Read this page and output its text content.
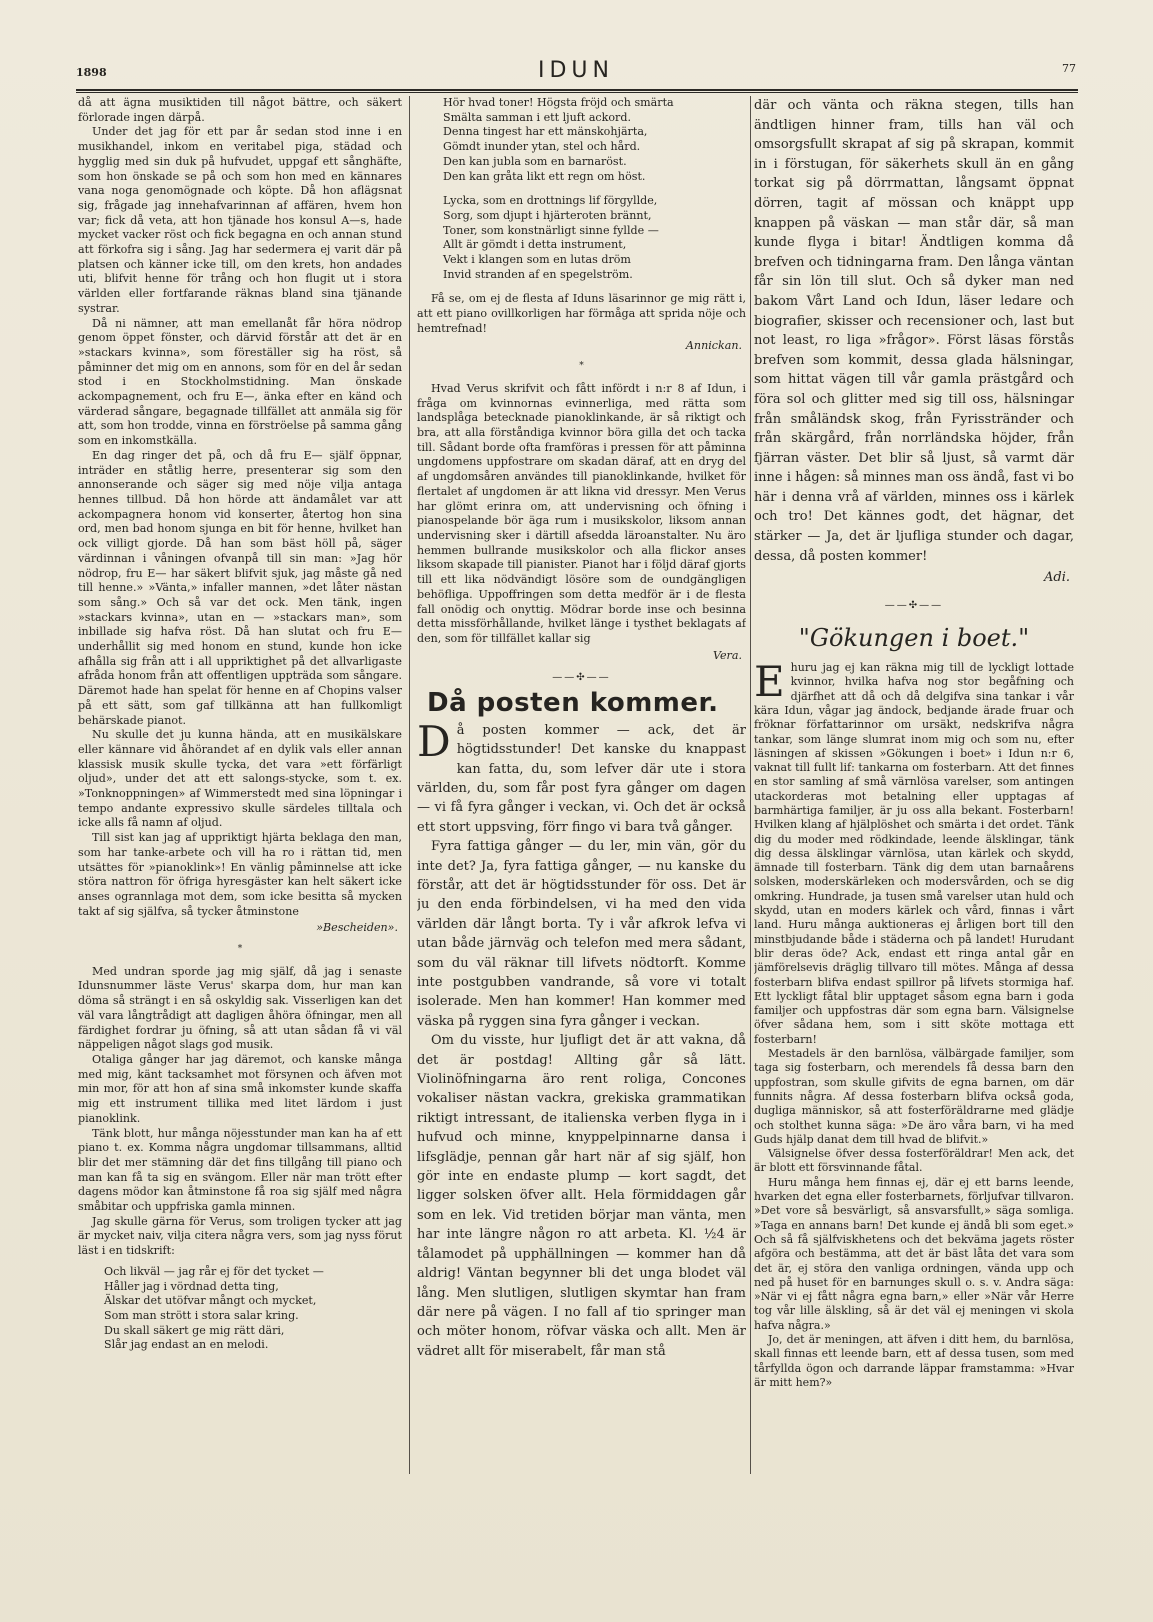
1898	IDUN	77

då att ägna musiktiden till något bättre, och säkert förlorade ingen därpå.

Under det jag för ett par år sedan stod inne i en musikhandel, inkom en veritabel piga, städad och hygglig med sin duk på hufvudet, uppgaf ett sånghäfte, som hon önskade se på och som hon med en kännares vana noga genomögnade och köpte. Då hon aflägsnat sig, frågade jag innehafvarinnan af affären, hvem hon var; fick då veta, att hon tjänade hos konsul A—s, hade mycket vacker röst och fick begagna en och annan stund att förkofra sig i sång. Jag har sedermera ej varit där på platsen och känner icke till, om den krets, hon andades uti, blifvit henne för trång och hon flugit ut i stora världen eller fortfarande räknas bland sina tjänande systrar.

Då ni nämner, att man emellanåt får höra nödrop genom öppet fönster, och därvid förstår att det är en »stackars kvinna», som föreställer sig ha röst, så påminner det mig om en annons, som för en del år sedan stod i en Stockholmstidning. Man önskade ackompagnement, och fru E—, änka efter en känd och värderad sångare, begagnade tillfället att anmäla sig för att, som hon trodde, vinna en förströelse på samma gång som en inkomstkälla.

En dag ringer det på, och då fru E— själf öppnar, inträder en ståtlig herre, presenterar sig som den annonserande och säger sig med nöje vilja antaga hennes tillbud. Då hon hörde att ändamålet var att ackompagnera honom vid konserter, återtog hon sina ord, men bad honom sjunga en bit för henne, hvilket han ock villigt gjorde. Då han som bäst höll på, säger värdinnan i våningen ofvanpå till sin man: »Jag hör nödrop, fru E— har säkert blifvit sjuk, jag måste gå ned till henne.» »Vänta,» infaller mannen, »det låter nästan som sång.» Och så var det ock. Men tänk, ingen »stackars kvinna», utan en — »stackars man», som inbillade sig hafva röst. Då han slutat och fru E— underhållit sig med honom en stund, kunde hon icke afhålla sig från att i all uppriktighet på det allvarligaste afråda honom från att offentligen uppträda som sångare. Däremot hade han spelat för henne en af Chopins valser på ett sätt, som gaf tillkänna att han fullkomligt behärskade pianot.

Nu skulle det ju kunna hända, att en musikälskare eller kännare vid åhörandet af en dylik vals eller annan klassisk musik skulle tycka, det vara »ett förfärligt oljud», under det att ett salongs-stycke, som t. ex. »Tonknoppningen» af Wimmerstedt med sina löpningar i tempo andante expressivo skulle särdeles tilltala och icke alls få namn af oljud.

Till sist kan jag af uppriktigt hjärta beklaga den man, som har tanke-arbete och vill ha ro i rättan tid, men utsättes för »pianoklink»! En vänlig påminnelse att icke störa nattron för öfriga hyresgäster kan helt säkert icke anses ogrannlaga mot dem, som icke besitta så mycken takt af sig själfva, så tycker åtminstone

»Bescheiden».
*

Med undran sporde jag mig själf, då jag i senaste Idunsnummer läste Verus' skarpa dom, hur man kan döma så strängt i en så oskyldig sak. Visserligen kan det väl vara långtrådigt att dagligen åhöra öfningar, men all färdighet fordrar ju öfning, så att utan sådan få vi väl näppeligen något slags god musik.

Otaliga gånger har jag däremot, och kanske många med mig, känt tacksamhet mot försynen och äfven mot min mor, för att hon af sina små inkomster kunde skaffa mig ett instrument tillika med litet lärdom i just pianoklink.

Tänk blott, hur många nöjesstunder man kan ha af ett piano t. ex. Komma några ungdomar tillsammans, alltid blir det mer stämning där det fins tillgång till piano och man kan få ta sig en svängom. Eller när man trött efter dagens mödor kan åtminstone få roa sig själf med några småbitar och uppfriska gamla minnen.

Jag skulle gärna för Verus, som troligen tycker att jag är mycket naiv, vilja citera några vers, som jag nyss förut läst i en tidskrift:

Och likväl — jag rår ej för det tycket —
Håller jag i vördnad detta ting,
Älskar det utöfvar mångt och mycket,
Som man strött i stora salar kring.
Du skall säkert ge mig rätt däri,
Slår jag endast an en melodi.
Hör hvad toner! Högsta fröjd och smärta
Smälta samman i ett ljuft ackord.
Denna tingest har ett mänskohjärta,
Gömdt inunder ytan, stel och hård.
Den kan jubla som en barnaröst.
Den kan gråta likt ett regn om höst.
Lycka, som en drottnings lif förgyllde,
Sorg, som djupt i hjärteroten brännt,
Toner, som konstnärligt sinne fyllde —
Allt är gömdt i detta instrument,
Vekt i klangen som en lutas dröm
Invid stranden af en spegelström.

Få se, om ej de flesta af Iduns läsarinnor ge mig rätt i, att ett piano ovillkorligen har förmåga att sprida nöje och hemtrefnad!

Annickan.
*

Hvad Verus skrifvit och fått infördt i n:r 8 af Idun, i fråga om kvinnornas evinnerliga, med rätta som landsplåga betecknade pianoklinkande, är så riktigt och bra, att alla förståndiga kvinnor böra gilla det och tacka till. Sådant borde ofta framföras i pressen för att påminna ungdomens uppfostrare om skadan däraf, att en dryg del af ungdomsåren användes till pianoklinkande, hvilket för flertalet af ungdomen är att likna vid dressyr. Men Verus har glömt erinra om, att undervisning och öfning i pianospelande bör äga rum i musikskolor, liksom annan undervisning sker i därtill afsedda läroanstalter. Nu äro hemmen bullrande musikskolor och alla flickor anses liksom skapade till pianister. Pianot har i följd däraf gjorts till ett lika nödvändigt lösöre som de oundgängligen behöfliga. Uppoffringen som detta medför är i de flesta fall onödig och onyttig. Mödrar borde inse och besinna detta missförhållande, hvilket länge i tysthet beklagats af den, som för tillfället kallar sig

Vera.
——✣——
Då posten kommer.

Då posten kommer — ack, det är högtidsstunder! Det kanske du knappast kan fatta, du, som lefver där ute i stora världen, du, som får post fyra gånger om dagen — vi få fyra gånger i veckan, vi. Och det är också ett stort uppsving, förr fingo vi bara två gånger.

Fyra fattiga gånger — du ler, min vän, gör du inte det? Ja, fyra fattiga gånger, — nu kanske du förstår, att det är högtidsstunder för oss. Det är ju den enda förbindelsen, vi ha med den vida världen där långt borta. Ty i vår afkrok lefva vi utan både järnväg och telefon med mera sådant, som du väl räknar till lifvets nödtorft. Komme inte postgubben vandrande, så vore vi totalt isolerade. Men han kommer! Han kommer med väska på ryggen sina fyra gånger i veckan.

Om du visste, hur ljufligt det är att vakna, då det är postdag! Allting går så lätt. Violinöfningarna äro rent roliga, Concones vokaliser nästan vackra, grekiska grammatikan riktigt intressant, de italienska verben flyga in i hufvud och minne, knyppelpinnarne dansa i lifsglädje, pennan går hart när af sig själf, hon gör inte en endaste plump — kort sagdt, det ligger solsken öfver allt. Hela förmiddagen går som en lek. Vid tretiden börjar man vänta, men har inte längre någon ro att arbeta. Kl. ½4 är tålamodet på upphällningen — kommer han då aldrig! Väntan begynner bli det unga blodet väl lång. Men slutligen, slutligen skymtar han fram där nere på vägen. I no fall af tio springer man och möter honom, röfvar väska och allt. Men är vädret allt för miserabelt, får man stå

där och vänta och räkna stegen, tills han ändtligen hinner fram, tills han väl och omsorgsfullt skrapat af sig på skrapan, kommit in i förstugan, för säkerhets skull än en gång torkat sig på dörrmattan, långsamt öppnat dörren, tagit af mössan och knäppt upp knappen på väskan — man står där, så man kunde flyga i bitar! Ändtligen komma då brefven och tidningarna fram. Den långa väntan får sin lön till slut. Och så dyker man ned bakom Vårt Land och Idun, läser ledare och biografier, skisser och recensioner och, last but not least, ro liga »frågor». Först läsas förstås brefven som kommit, dessa glada hälsningar, som hittat vägen till vår gamla prästgård och föra sol och glitter med sig till oss, hälsningar från småländsk skog, från Fyrisstränder och från skärgård, från norrländska höjder, från fjärran väster. Det blir så ljust, så varmt där inne i hågen: så minnes man oss ändå, fast vi bo här i denna vrå af världen, minnes oss i kärlek och tro! Det kännes godt, det hägnar, det stärker — Ja, det är ljufliga stunder och dagar, dessa, då posten kommer!

Adi.
——✣——
"Gökungen i boet."

Ehuru jag ej kan räkna mig till de lyckligt lottade kvinnor, hvilka hafva nog stor begåfning och djärfhet att då och då delgifva sina tankar i vår kära Idun, vågar jag ändock, bedjande ärade fruar och fröknar författarinnor om ursäkt, nedskrifva några tankar, som länge slumrat inom mig och som nu, efter läsningen af skissen »Gökungen i boet» i Idun n:r 6, vaknat till fullt lif: tankarna om fosterbarn. Att det finnes en stor samling af små värnlösa varelser, som antingen utackorderas mot betalning eller upptagas af barmhärtiga familjer, är ju oss alla bekant. Fosterbarn! Hvilken klang af hjälplöshet och smärta i det ordet. Tänk dig du moder med rödkindade, leende älsklingar, tänk dig dessa älsklingar värnlösa, utan kärlek och skydd, ämnade till fosterbarn. Tänk dig dem utan barnaårens solsken, moderskärleken och modersvården, och se dig omkring. Hundrade, ja tusen små varelser utan huld och skydd, utan en moders kärlek och vård, finnas i vårt land. Huru många auktioneras ej årligen bort till den minstbjudande både i städerna och på landet! Hurudant blir deras öde? Ack, endast ett ringa antal går en jämförelsevis dräglig tillvaro till mötes. Många af dessa fosterbarn blifva endast spillror på lifvets stormiga haf. Ett lyckligt fåtal blir upptaget såsom egna barn i goda familjer och uppfostras där som egna barn. Välsignelse öfver sådana hem, som i sitt sköte mottaga ett fosterbarn!

Mestadels är den barnlösa, välbärgade familjer, som taga sig fosterbarn, och merendels få dessa barn den uppfostran, som skulle gifvits de egna barnen, om där funnits några. Af dessa fosterbarn blifva också goda, dugliga människor, så att fosterföräldrarne med glädje och stolthet kunna säga: »De äro våra barn, vi ha med Guds hjälp danat dem till hvad de blifvit.»

Välsignelse öfver dessa fosterföräldrar! Men ack, det är blott ett försvinnande fåtal.

Huru många hem finnas ej, där ej ett barns leende, hvarken det egna eller fosterbarnets, förljufvar tillvaron. »Det vore så besvärligt, så ansvarsfullt,» säga somliga. »Taga en annans barn! Det kunde ej ändå bli som eget.» Och så få själfviskhetens och det bekväma jagets röster afgöra och bestämma, att det är bäst låta det vara som det är, ej störa den vanliga ordningen, vända upp och ned på huset för en barnunges skull o. s. v. Andra säga: »När vi ej fått några egna barn,» eller »När vår Herre tog vår lille älskling, så är det väl ej meningen vi skola hafva några.»

Jo, det är meningen, att äfven i ditt hem, du barnlösa, skall finnas ett leende barn, ett af dessa tusen, som med tårfyllda ögon och darrande läppar framstamma: »Hvar är mitt hem?»
